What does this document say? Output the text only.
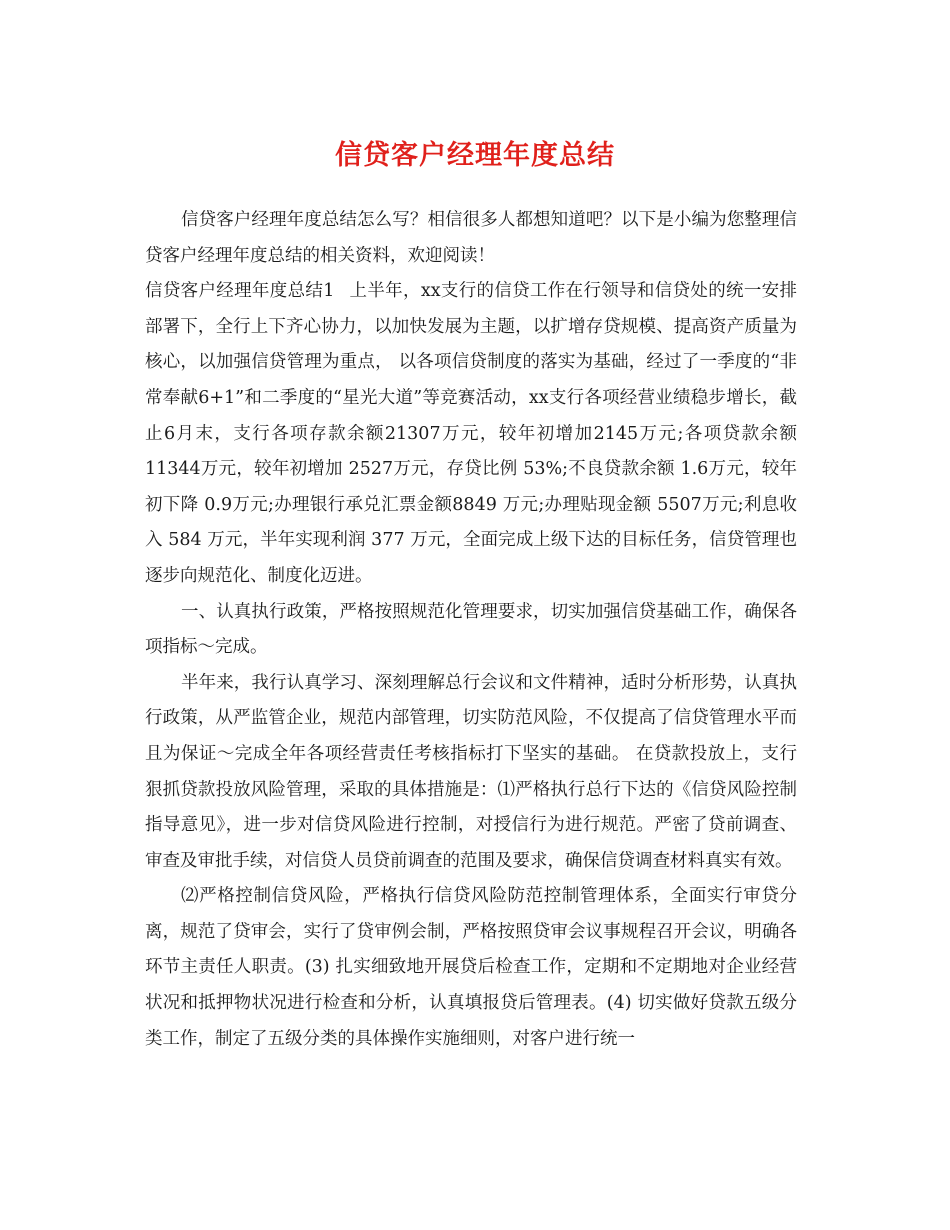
信贷客户经理年度总结

信贷客户经理年度总结怎么写？相信很多人都想知道吧？以下是小编为您整理信贷客户经理年度总结的相关资料，欢迎阅读！

信贷客户经理年度总结1 上半年，xx支行的信贷工作在行领导和信贷处的统一安排部署下，全行上下齐心协力，以加快发展为主题，以扩增存贷规模、提高资产质量为核心，以加强信贷管理为重点， 以各项信贷制度的落实为基础，经过了一季度的“非常奉献6+1”和二季度的“星光大道”等竞赛活动，xx支行各项经营业绩稳步增长，截止6月末，支行各项存款余额21307万元，较年初增加2145万元;各项贷款余额 11344万元，较年初增加 2527万元，存贷比例 53%;不良贷款余额 1.6万元，较年初下降 0.9万元;办理银行承兑汇票金额8849 万元;办理贴现金额 5507万元;利息收入 584 万元，半年实现利润 377 万元，全面完成上级下达的目标任务，信贷管理也逐步向规范化、制度化迈进。

一、认真执行政策，严格按照规范化管理要求，切实加强信贷基础工作，确保各项指标～完成。

半年来，我行认真学习、深刻理解总行会议和文件精神，适时分析形势，认真执行政策，从严监管企业，规范内部管理，切实防范风险，不仅提高了信贷管理水平而且为保证～完成全年各项经营责任考核指标打下坚实的基础。 在贷款投放上，支行狠抓贷款投放风险管理，采取的具体措施是：⑴严格执行总行下达的《信贷风险控制指导意见》，进一步对信贷风险进行控制，对授信行为进行规范。严密了贷前调查、审查及审批手续，对信贷人员贷前调查的范围及要求，确保信贷调查材料真实有效。

⑵严格控制信贷风险，严格执行信贷风险防范控制管理体系，全面实行审贷分离，规范了贷审会，实行了贷审例会制，严格按照贷审会议事规程召开会议，明确各环节主责任人职责。(3) 扎实细致地开展贷后检查工作，定期和不定期地对企业经营状况和抵押物状况进行检查和分析，认真填报贷后管理表。(4) 切实做好贷款五级分类工作，制定了五级分类的具体操作实施细则，对客户进行统一
